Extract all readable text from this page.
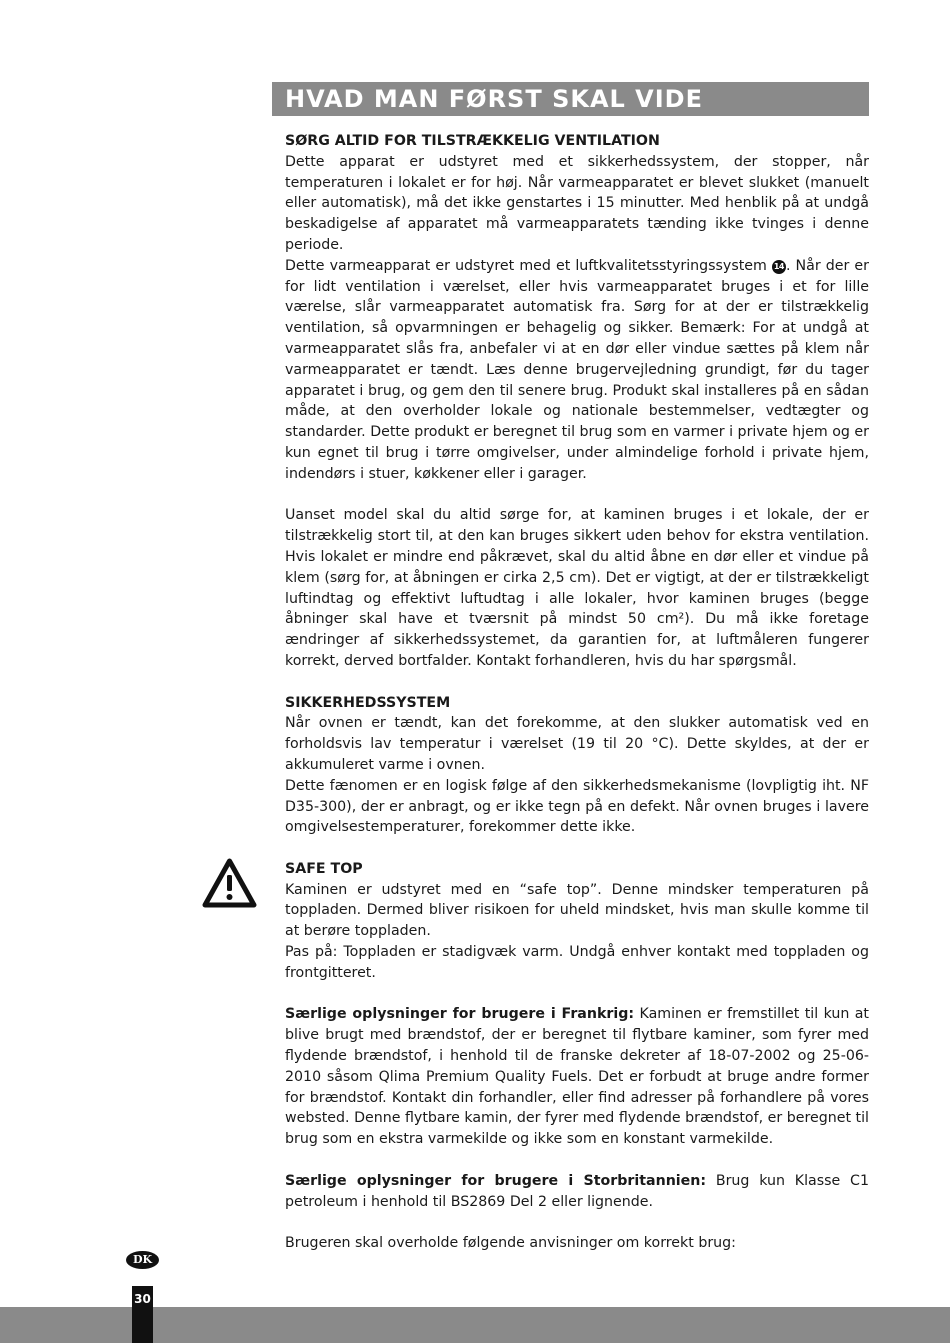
HVAD MAN FØRST SKAL VIDE
SØRG ALTID FOR TILSTRÆKKELIG VENTILATION

Dette apparat er udstyret med et sikkerhedssystem, der stopper, når temperaturen i lokalet er for høj. Når varmeapparatet er blevet slukket (manuelt eller automatisk), må det ikke genstartes i 15 minutter. Med henblik på at undgå beskadigelse af apparatet må varmeapparatets tænding ikke tvinges i denne periode.

Dette varmeapparat er udstyret med et luftkvalitetsstyringssystem 14 . Når der er for lidt ventilation i værelset, eller hvis varmeapparatet bruges i et for lille værelse, slår varmeapparatet automatisk fra. Sørg for at der er tilstrækkelig ventilation, så opvarmningen er behagelig og sikker. Bemærk: For at undgå at varmeapparatet slås fra, anbefaler vi at en dør eller vindue sættes på klem når varmeapparatet er tændt. Læs denne brugervejledning grundigt, før du tager apparatet i brug, og gem den til senere brug. Produkt skal installeres på en sådan måde, at den overholder lokale og nationale bestemmelser, vedtægter og standarder. Dette produkt er beregnet til brug som en varmer i private hjem og er kun egnet til brug i tørre omgivelser, under almindelige forhold i private hjem, indendørs i stuer, køkkener eller i garager.

Uanset model skal du altid sørge for, at kaminen bruges i et lokale, der er tilstrækkelig stort til, at den kan bruges sikkert uden behov for ekstra ventilation. Hvis lokalet er mindre end påkrævet, skal du altid åbne en dør eller et vindue på klem (sørg for, at åbningen er cirka 2,5 cm). Det er vigtigt, at der er tilstrækkeligt luftindtag og effektivt luftudtag i alle lokaler, hvor kaminen bruges (begge åbninger skal have et tværsnit på mindst 50 cm²). Du må ikke foretage ændringer af sikkerhedssystemet, da garantien for, at luftmåleren fungerer korrekt, derved bortfalder. Kontakt forhandleren, hvis du har spørgsmål.

SIKKERHEDSSYSTEM

Når ovnen er tændt, kan det forekomme, at den slukker automatisk ved en forholdsvis lav temperatur i værelset (19 til 20 °C). Dette skyldes, at der er akkumuleret varme i ovnen.

Dette fænomen er en logisk følge af den sikkerhedsmekanisme (lovpligtig iht. NF D35-300), der er anbragt, og er ikke tegn på en defekt. Når ovnen bruges i lavere omgivelsestemperaturer, forekommer dette ikke.

SAFE TOP

Kaminen er udstyret med en “safe top”. Denne mindsker temperaturen på toppladen. Dermed bliver risikoen for uheld mindsket, hvis man skulle komme til at berøre toppladen.

Pas på: Toppladen er stadigvæk varm. Undgå enhver kontakt med toppladen og frontgitteret.

Særlige oplysninger for brugere i Frankrig: Kaminen er fremstillet til kun at blive brugt med brændstof, der er beregnet til flytbare kaminer, som fyrer med flydende brændstof, i henhold til de franske dekreter af 18-07-2002 og 25-06-2010 såsom Qlima Premium Quality Fuels. Det er forbudt at bruge andre former for brændstof. Kontakt din forhandler, eller find adresser på forhandlere på vores websted. Denne flytbare kamin, der fyrer med flydende brændstof, er beregnet til brug som en ekstra varmekilde og ikke som en konstant varmekilde.

Særlige oplysninger for brugere i Storbritannien: Brug kun Klasse C1 petroleum i henhold til BS2869 Del 2 eller lignende.

Brugeren skal overholde følgende anvisninger om korrekt brug:

DK
30
